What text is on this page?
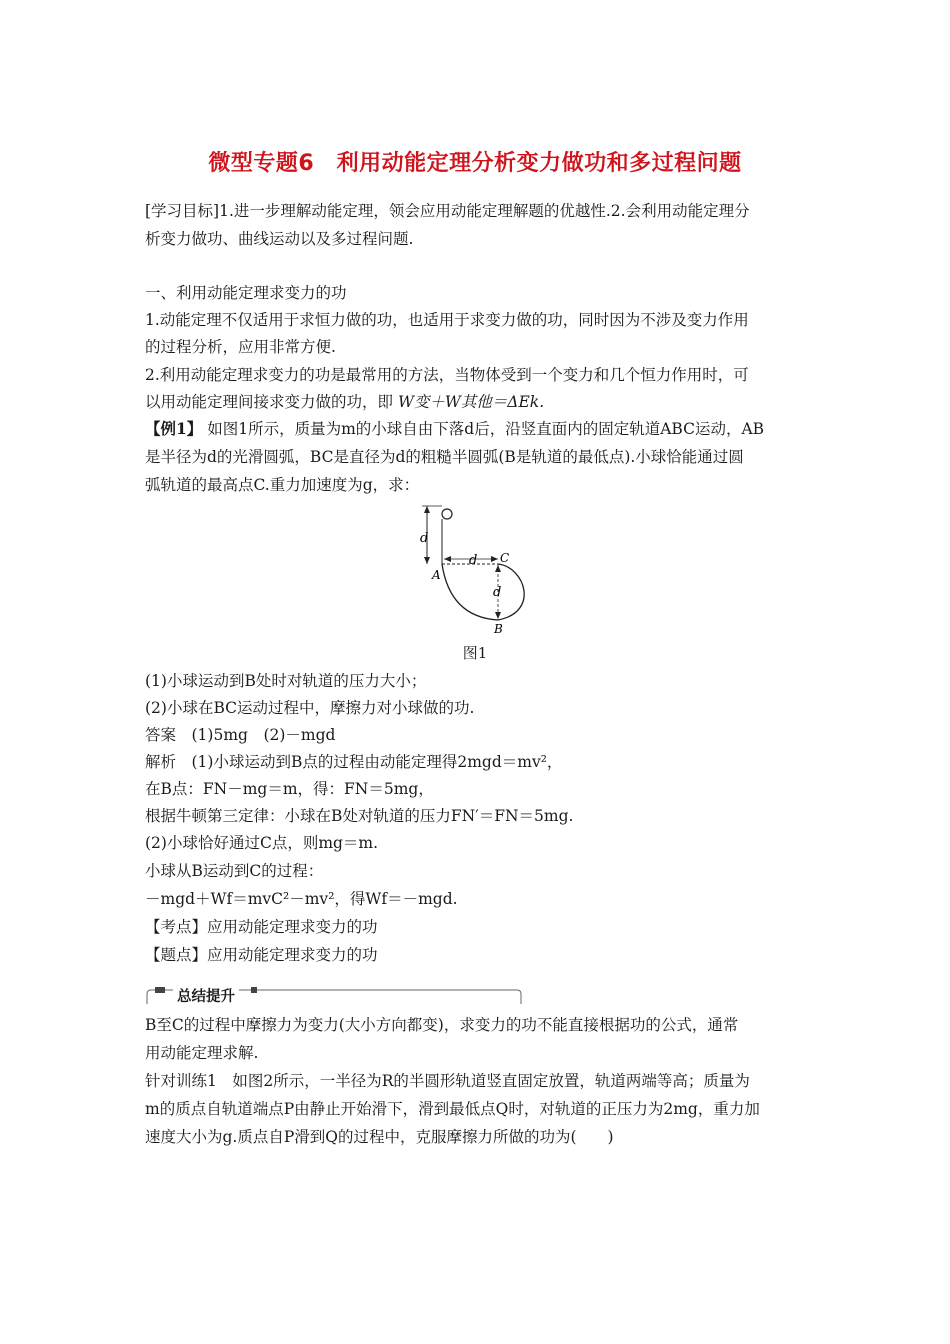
微型专题6　利用动能定理分析变力做功和多过程问题
[学习目标]1.进一步理解动能定理，领会应用动能定理解题的优越性.2.会利用动能定理分
析变力做功、曲线运动以及多过程问题.
一、利用动能定理求变力的功
1.动能定理不仅适用于求恒力做的功，也适用于求变力做的功，同时因为不涉及变力作用
的过程分析，应用非常方便.
2.利用动能定理求变力的功是最常用的方法，当物体受到一个变力和几个恒力作用时，可
以用动能定理间接求变力做的功，即 W变＋W其他＝ΔEk.
【例1】 如图1所示，质量为m的小球自由下落d后，沿竖直面内的固定轨道ABC运动，AB
是半径为d的光滑圆弧，BC是直径为d的粗糙半圆弧(B是轨道的最低点).小球恰能通过圆
弧轨道的最高点C.重力加速度为g，求：
d
d
d
A
C
B
图1
(1)小球运动到B处时对轨道的压力大小；
(2)小球在BC运动过程中，摩擦力对小球做的功.
答案　(1)5mg　(2)－mgd
解析　(1)小球运动到B点的过程由动能定理得2mgd＝mv²，
在B点：FN－mg＝m，得：FN＝5mg，
根据牛顿第三定律：小球在B处对轨道的压力FN′＝FN＝5mg.
(2)小球恰好通过C点，则mg＝m.
小球从B运动到C的过程：
－mgd＋Wf＝mvC²－mv²，得Wf＝－mgd.
【考点】应用动能定理求变力的功
【题点】应用动能定理求变力的功
总结提升
B至C的过程中摩擦力为变力(大小方向都变)，求变力的功不能直接根据功的公式，通常
用动能定理求解.
针对训练1　如图2所示，一半径为R的半圆形轨道竖直固定放置，轨道两端等高；质量为
m的质点自轨道端点P由静止开始滑下，滑到最低点Q时，对轨道的正压力为2mg，重力加
速度大小为g.质点自P滑到Q的过程中，克服摩擦力所做的功为(　　)
